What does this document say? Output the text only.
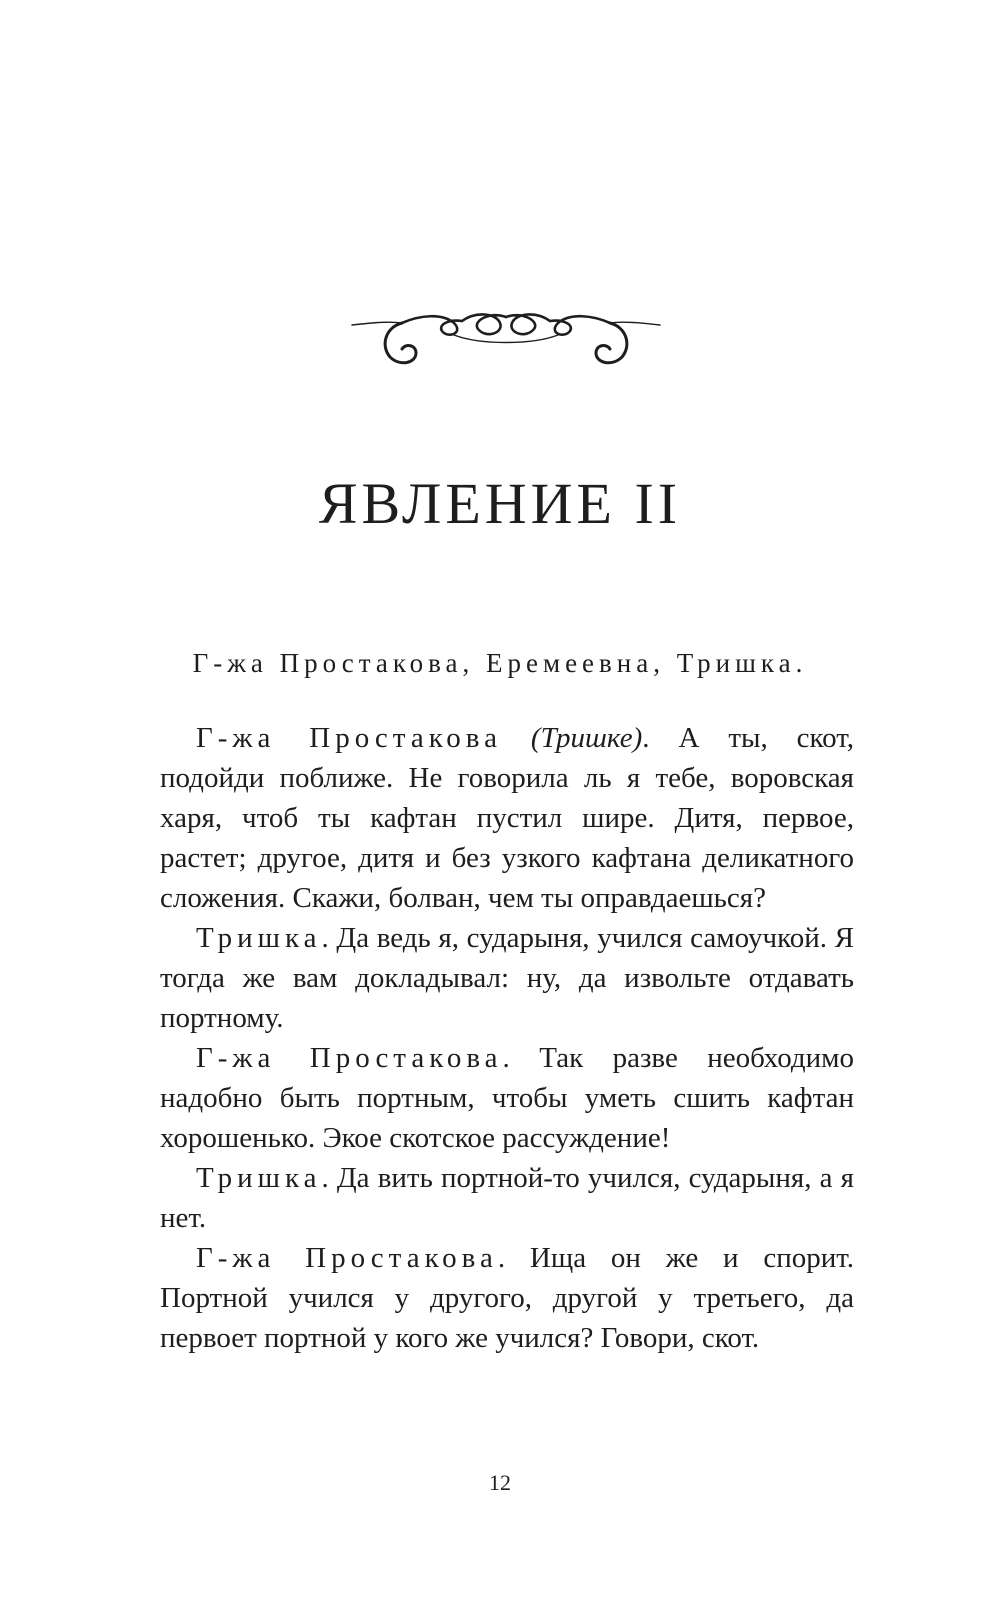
ЯВЛЕНИЕ II

Г-жа Простакова, Еремеевна, Тришка.

Г-жа Простакова (Тришке). А ты, скот, подойди поближе. Не говорила ль я тебе, воровская харя, чтоб ты кафтан пустил шире. Дитя, первое, растет; другое, дитя и без узкого кафтана деликатного сложения. Скажи, болван, чем ты оправдаешься?

Тришка. Да ведь я, сударыня, учился самоучкой. Я тогда же вам докладывал: ну, да извольте отдавать портному.

Г-жа Простакова. Так разве необходимо надобно быть портным, чтобы уметь сшить кафтан хорошенько. Экое скотское рассуждение!

Тришка. Да вить портной-то учился, сударыня, а я нет.

Г-жа Простакова. Ища он же и спорит. Портной учился у другого, другой у третьего, да первоет портной у кого же учился? Говори, скот.

12
